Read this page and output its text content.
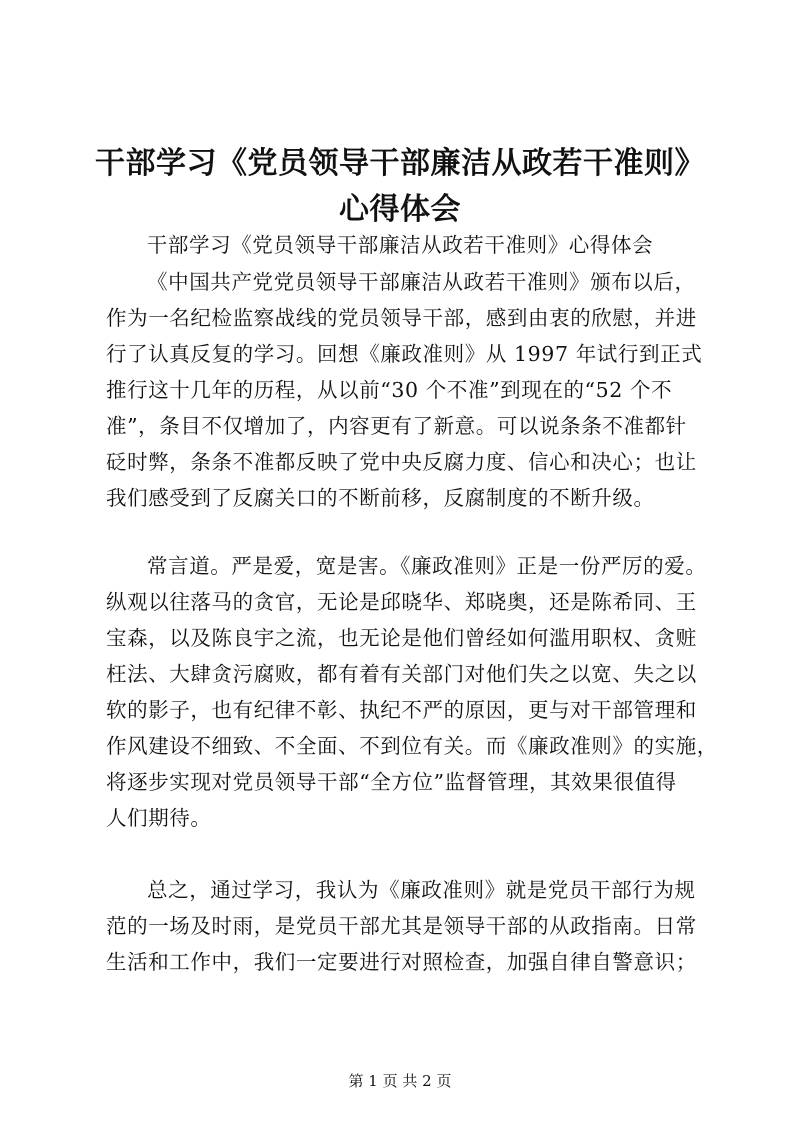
干部学习《党员领导干部廉洁从政若干准则》
心得体会
干部学习《党员领导干部廉洁从政若干准则》心得体会
《中国共产党党员领导干部廉洁从政若干准则》颁布以后，
作为一名纪检监察战线的党员领导干部，感到由衷的欣慰，并进
行了认真反复的学习。回想《廉政准则》从 1997 年试行到正式
推行这十几年的历程，从以前“30 个不准”到现在的“52 个不
准”，条目不仅增加了，内容更有了新意。可以说条条不准都针
砭时弊，条条不准都反映了党中央反腐力度、信心和决心；也让
我们感受到了反腐关口的不断前移，反腐制度的不断升级。
常言道。严是爱，宽是害。《廉政准则》正是一份严厉的爱。
纵观以往落马的贪官，无论是邱晓华、郑晓奥，还是陈希同、王
宝森，以及陈良宇之流，也无论是他们曾经如何滥用职权、贪赃
枉法、大肆贪污腐败，都有着有关部门对他们失之以宽、失之以
软的影子，也有纪律不彰、执纪不严的原因，更与对干部管理和
作风建设不细致、不全面、不到位有关。而《廉政准则》的实施，
将逐步实现对党员领导干部“全方位”监督管理，其效果很值得
人们期待。
总之，通过学习，我认为《廉政准则》就是党员干部行为规
范的一场及时雨，是党员干部尤其是领导干部的从政指南。日常
生活和工作中，我们一定要进行对照检查，加强自律自警意识；
第 1 页 共 2 页
